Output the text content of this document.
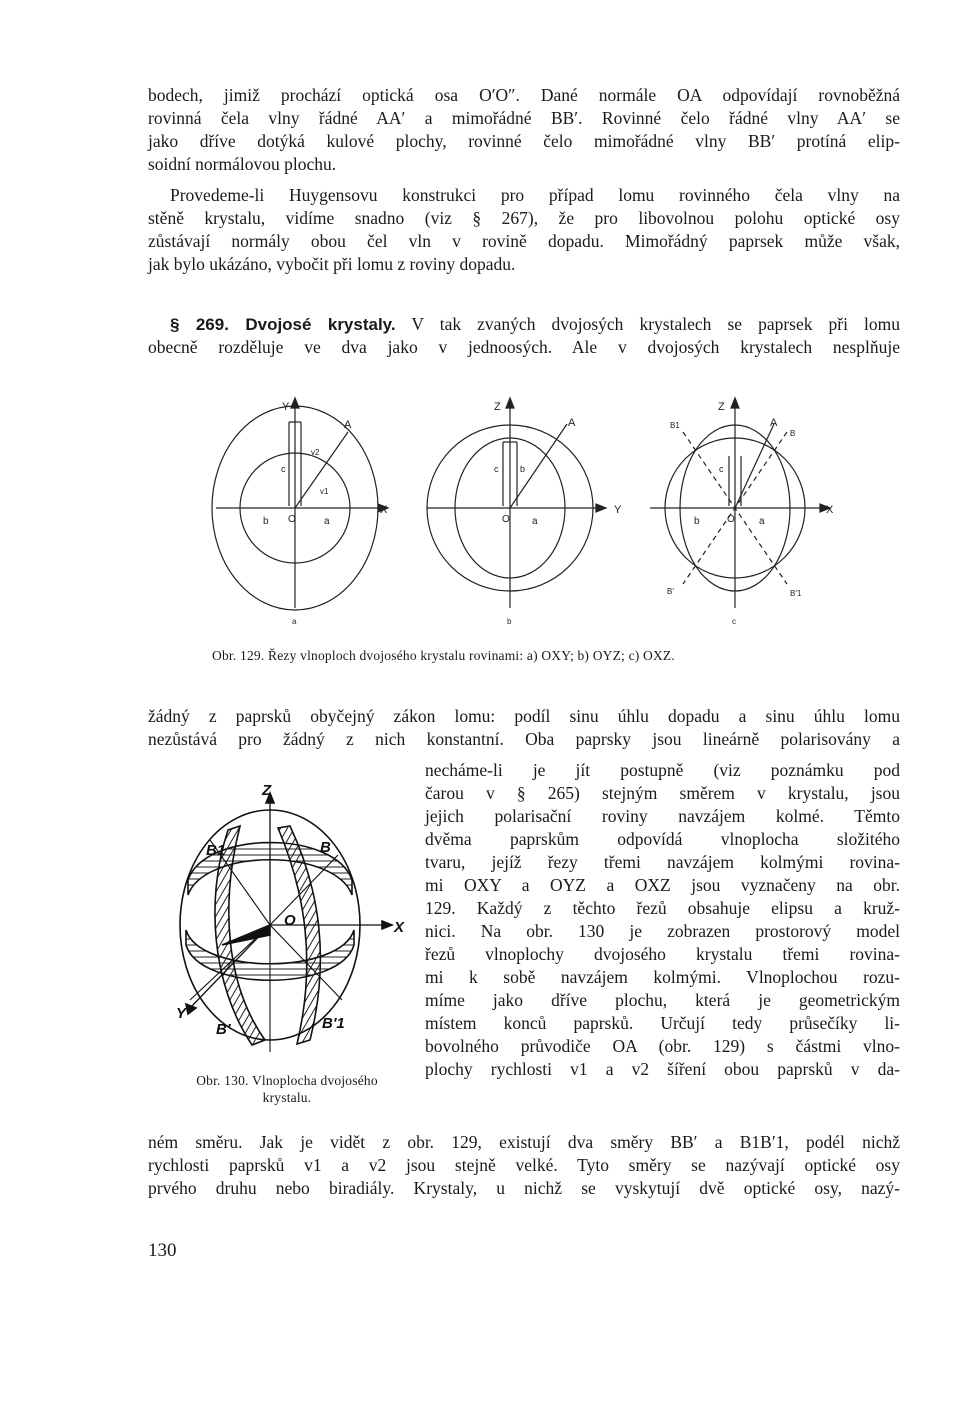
bodech, jimiž prochází optická osa O′O″. Dané normále OA odpovídají rovnoběžná
rovinná čela vlny řádné AA′ a mimořádné BB′. Rovinné čelo řádné vlny AA′ se
jako dříve dotýká kulové plochy, rovinné čelo mimořádné vlny BB′ protíná elip-
soidní normálovou plochu.
Provedeme-li Huygensovu konstrukci pro případ lomu rovinného čela vlny na
stěně krystalu, vidíme snadno (viz § 267), že pro libovolnou polohu optické osy
zůstávají normály obou čel vln v rovině dopadu. Mimořádný paprsek může však,
jak bylo ukázáno, vybočit při lomu z roviny dopadu.
§ 269. Dvojosé krystaly. V tak zvaných dvojosých krystalech se paprsek při lomu
obecně rozděluje ve dva jako v jednoosých. Ale v dvojosých krystalech nesplňuje
Y
A
X
c
v2
v1
b O	a
a
Z
A
Y
c b
O a
b
Z
A
B1
B
X
c
b	O a
B′	B′1
c
Obr. 129. Řezy vlnoploch dvojosého krystalu rovinami: a) OXY; b) OYZ; c) OXZ.
žádný z paprsků obyčejný zákon lomu: podíl sinu úhlu dopadu a sinu úhlu lomu
nezůstává pro žádný z nich konstantní. Oba paprsky jsou lineárně polarisovány a
necháme-li je jít postupně (viz poznámku pod
čarou v § 265) stejným směrem v krystalu, jsou
jejich polarisační roviny navzájem kolmé. Těmto
dvěma paprskům odpovídá vlnoplocha složitého
tvaru, jejíž řezy třemi navzájem kolmými rovina-
mi OXY a OYZ a OXZ jsou vyznačeny na obr.
129. Každý z těchto řezů obsahuje elipsu a kruž-
nici. Na obr. 130 je zobrazen prostorový model
řezů vlnoplochy dvojosého krystalu třemi rovina-
mi k sobě navzájem kolmými. Vlnoplochou rozu-
míme jako dříve plochu, která je geometrickým
místem konců paprsků. Určují tedy průsečíky li-
bovolného průvodiče OA (obr. 129) s částmi vlno-
plochy rychlosti v1 a v2 šíření obou paprsků v da-
Z
B1	B
O	X
Y
B′	B′1
Obr. 130. Vlnoplocha dvojosého
krystalu.
ném směru. Jak je vidět z obr. 129, existují dva směry BB′ a B1B′1, podél nichž
rychlosti paprsků v1 a v2 jsou stejně velké. Tyto směry se nazývají optické osy
prvého druhu nebo biradiály. Krystaly, u nichž se vyskytují dvě optické osy, nazý-
130
